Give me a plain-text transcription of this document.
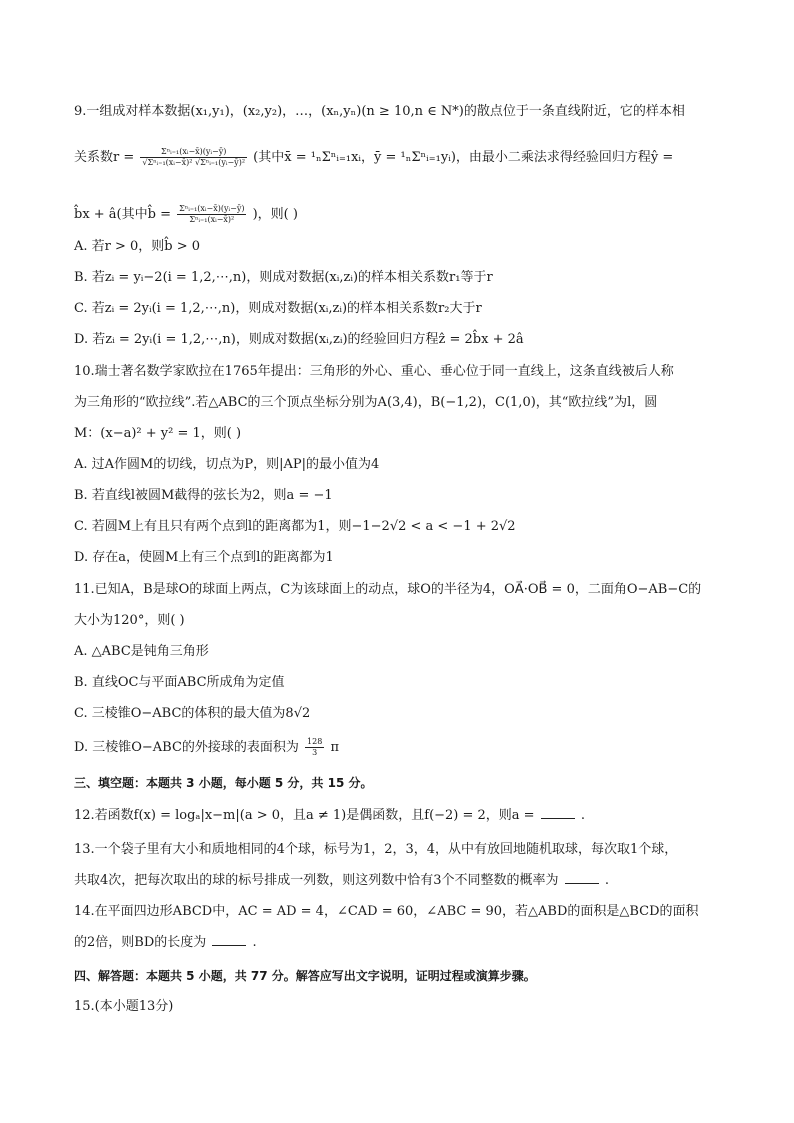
9.一组成对样本数据(x₁,y₁)，(x₂,y₂)，…，(xₙ,yₙ)(n ≥ 10,n ∈ N*)的散点位于一条直线附近，它的样本相
关系数$r = \frac{\text{Σⁿᵢ₌₁(xᵢ−x̄)(yᵢ−ȳ)}}{\text{√Σⁿᵢ₌₁(xᵢ−x̄)² √Σⁿᵢ₌₁(yᵢ−ȳ)²}}$ (其中x̄ = ¹ₙΣⁿᵢ₌₁xᵢ，ȳ = ¹ₙΣⁿᵢ₌₁yᵢ)，由最小二乘法求得经验回归方程ŷ =
b̂x + â(其中b̂ = $\frac{\text{Σⁿᵢ₌₁(xᵢ−x̄)(yᵢ−ȳ)}}{\text{Σⁿᵢ₌₁(xᵢ−x̄)²}}$ )，则( )
A. 若r > 0，则b̂ > 0
B. 若zᵢ = yᵢ−2(i = 1,2,⋯,n)，则成对数据(xᵢ,zᵢ)的样本相关系数r₁等于r
C. 若zᵢ = 2yᵢ(i = 1,2,⋯,n)，则成对数据(xᵢ,zᵢ)的样本相关系数r₂大于r
D. 若zᵢ = 2yᵢ(i = 1,2,⋯,n)，则成对数据(xᵢ,zᵢ)的经验回归方程ẑ = 2b̂x + 2â
10.瑞士著名数学家欧拉在1765年提出：三角形的外心、重心、垂心位于同一直线上，这条直线被后人称
为三角形的“欧拉线”.若△ABC的三个顶点坐标分别为A(3,4)，B(−1,2)，C(1,0)，其“欧拉线”为l，圆
M：(x−a)² + y² = 1，则( )
A. 过A作圆M的切线，切点为P，则|AP|的最小值为4
B. 若直线l被圆M截得的弦长为2，则a = −1
C. 若圆M上有且只有两个点到l的距离都为1，则−1−2√2 < a < −1 + 2√2
D. 存在a，使圆M上有三个点到l的距离都为1
11.已知A，B是球O的球面上两点，C为该球面上的动点，球O的半径为4，OA⃗·OB⃗ = 0，二面角O−AB−C的
大小为120°，则( )
A. △ABC是钝角三角形
B. 直线OC与平面ABC所成角为定值
C. 三棱锥O−ABC的体积的最大值为8√2
D. 三棱锥O−ABC的外接球的表面积为 $\frac{128}{3}$ π
三、填空题：本题共 3 小题，每小题 5 分，共 15 分。
12.若函数f(x) = logₐ|x−m|(a > 0，且a ≠ 1)是偶函数，且f(−2) = 2，则a =	.
13.一个袋子里有大小和质地相同的4个球，标号为1，2，3，4，从中有放回地随机取球，每次取1个球，
共取4次，把每次取出的球的标号排成一列数，则这列数中恰有3个不同整数的概率为	.
14.在平面四边形ABCD中，AC = AD = 4，∠CAD = 60，∠ABC = 90，若△ABD的面积是△BCD的面积
的2倍，则BD的长度为	.
四、解答题：本题共 5 小题，共 77 分。解答应写出文字说明，证明过程或演算步骤。
15.(本小题13分)
